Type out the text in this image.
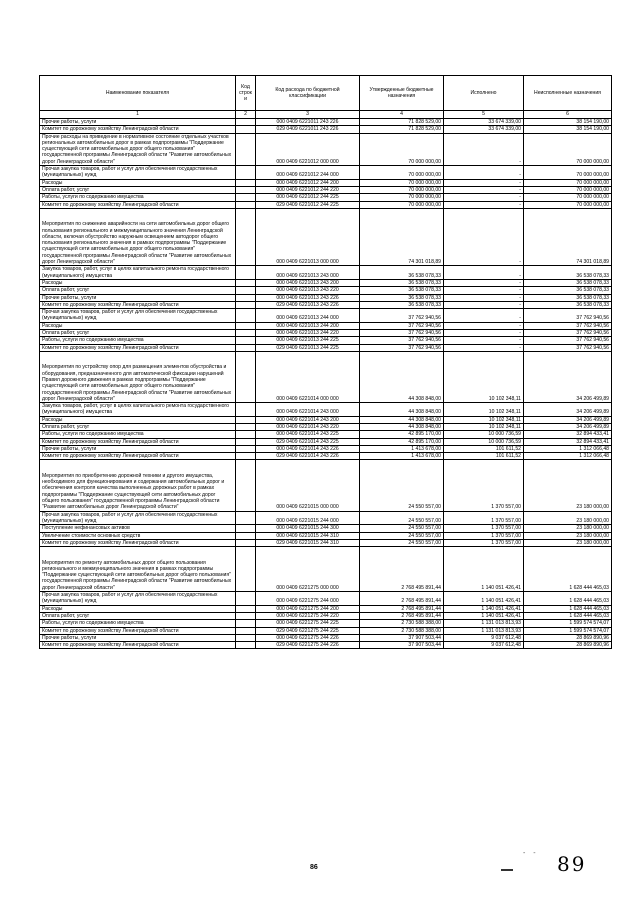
Наименование показателя	Код строк и	Код расхода по бюджетной классификации	Утвержденные бюджетные назначения	Исполнено	Неисполненные назначения
1	2	3	4	5	6
Прочие работы, услуги		000 0409 6221011 243 226	71 828 529,00	33 674 339,00	38 154 190,00
Комитет по дорожному хозяйству Ленинградской области		029 0409 6221011 243 226	71 828 529,00	33 674 339,00	38 154 190,00
Прочие расходы на приведение в нормативное состояние отдельных участков региональных автомобильных дорог в рамках подпрограммы "Поддержание существующей сети автомобильных дорог общего пользования" государственной программы Ленинградской области "Развитие автомобильных дорог Ленинградской области"		000 0409 6221012 000 000	70 000 000,00	-	70 000 000,00
Прочая закупка товаров, работ и услуг для обеспечения государственных (муниципальных) нужд		000 0409 6221012 244 000	70 000 000,00	-	70 000 000,00
Расходы		000 0409 6221012 244 200	70 000 000,00	-	70 000 000,00
Оплата работ, услуг		000 0409 6221012 244 220	70 000 000,00	-	70 000 000,00
Работы, услуги по содержанию имущества		000 0409 6221012 244 225	70 000 000,00	-	70 000 000,00
Комитет по дорожному хозяйству Ленинградской области		029 0409 6221012 244 225	70 000 000,00	-	70 000 000,00
Мероприятия по снижению аварийности на сети автомобильных дорог общего пользования регионального и межмуниципального значения Ленинградской области, включая обустройство наружным освещением автодорог общего пользования регионального значения в рамках подпрограммы "Поддержание существующей сети автомобильных дорог общего пользования" государственной программы Ленинградской области "Развитие автомобильных дорог Ленинградской области"		000 0409 6221013 000 000	74 301 018,89	-	74 301 018,89
Закупка товаров, работ, услуг в целях капитального ремонта государственного (муниципального) имущества		000 0409 6221013 243 000	36 538 078,33	-	36 538 078,33
Расходы		000 0409 6221013 243 200	36 538 078,33	-	36 538 078,33
Оплата работ, услуг		000 0409 6221013 243 220	36 538 078,33	-	36 538 078,33
Прочие работы, услуги		000 0409 6221013 243 226	36 538 078,33	-	36 538 078,33
Комитет по дорожному хозяйству Ленинградской области		029 0409 6221013 243 226	36 538 078,33	-	36 538 078,33
Прочая закупка товаров, работ и услуг для обеспечения государственных (муниципальных) нужд		000 0409 6221013 244 000	37 762 940,56	-	37 762 940,56
Расходы		000 0409 6221013 244 200	37 762 940,56	-	37 762 940,56
Оплата работ, услуг		000 0409 6221013 244 220	37 762 940,56	-	37 762 940,56
Работы, услуги по содержанию имущества		000 0409 6221013 244 225	37 762 940,56	-	37 762 940,56
Комитет по дорожному хозяйству Ленинградской области		029 0409 6221013 244 225	37 762 940,56	-	37 762 940,56
Мероприятия по устройству опор для размещения элементов обустройства и оборудования, предназначенного для автоматической фиксации нарушений Правил дорожного движения в рамках подпрограммы "Поддержание существующей сети автомобильных дорог общего пользования" государственной программы Ленинградской области "Развитие автомобильных дорог Ленинградской области"		000 0409 6221014 000 000	44 308 848,00	10 102 348,11	34 206 499,89
Закупка товаров, работ, услуг в целях капитального ремонта государственного (муниципального) имущества		000 0409 6221014 243 000	44 308 848,00	10 102 348,11	34 206 499,89
Расходы		000 0409 6221014 243 200	44 308 848,00	10 102 348,11	34 206 499,89
Оплата работ, услуг		000 0409 6221014 243 220	44 308 848,00	10 102 348,11	34 206 499,89
Работы, услуги по содержанию имущества		000 0409 6221014 243 225	42 895 170,00	10 000 736,59	32 894 433,41
Комитет по дорожному хозяйству Ленинградской области		029 0409 6221014 243 225	42 895 170,00	10 000 736,59	32 894 433,41
Прочие работы, услуги		000 0409 6221014 243 226	1 413 678,00	101 611,52	1 312 066,48
Комитет по дорожному хозяйству Ленинградской области		029 0409 6221014 243 226	1 413 678,00	101 611,52	1 312 066,48
Мероприятия по приобретению дорожной техники и другого имущества, необходимого для функционирования и содержания автомобильных дорог и обеспечения контроля качества выполненных дорожных работ в рамках подпрограммы "Поддержание существующей сети автомобильных дорог общего пользования" государственной программы Ленинградской области "Развитие автомобильных дорог Ленинградской области"		000 0409 6221015 000 000	24 550 557,00	1 370 557,00	23 180 000,00
Прочая закупка товаров, работ и услуг для обеспечения государственных (муниципальных) нужд		000 0409 6221015 244 000	24 550 557,00	1 370 557,00	23 180 000,00
Поступление нефинансовых активов		000 0409 6221015 244 300	24 550 557,00	1 370 557,00	23 180 000,00
Увеличение стоимости основных средств		000 0409 6221015 244 310	24 550 557,00	1 370 557,00	23 180 000,00
Комитет по дорожному хозяйству Ленинградской области		029 0409 6221015 244 310	24 550 557,00	1 370 557,00	23 180 000,00
Мероприятия по ремонту автомобильных дорог общего пользования регионального и межмуниципального значения в рамках подпрограммы "Поддержание существующей сети автомобильных дорог общего пользования" государственной программы Ленинградской области "Развитие автомобильных дорог Ленинградской области"		000 0409 6221275 000 000	2 768 495 891,44	1 140 051 426,41	1 628 444 465,03
Прочая закупка товаров, работ и услуг для обеспечения государственных (муниципальных) нужд		000 0409 6221275 244 000	2 768 495 891,44	1 140 051 426,41	1 628 444 465,03
Расходы		000 0409 6221275 244 200	2 768 495 891,44	1 140 051 426,41	1 628 444 465,03
Оплата работ, услуг		000 0409 6221275 244 220	2 768 495 891,44	1 140 051 426,41	1 628 444 465,03
Работы, услуги по содержанию имущества		000 0409 6221275 244 225	2 730 588 388,00	1 131 013 813,93	1 599 574 574,07
Комитет по дорожному хозяйству Ленинградской области		029 0409 6221275 244 225	2 730 588 388,00	1 131 013 813,93	1 599 574 574,07
Прочие работы, услуги		000 0409 6221275 244 226	37 907 503,44	9 037 612,48	28 869 890,96
Комитет по дорожному хозяйству Ленинградской области		029 0409 6221275 244 226	37 907 503,44	9 037 612,48	28 869 890,96
- -
86	89
